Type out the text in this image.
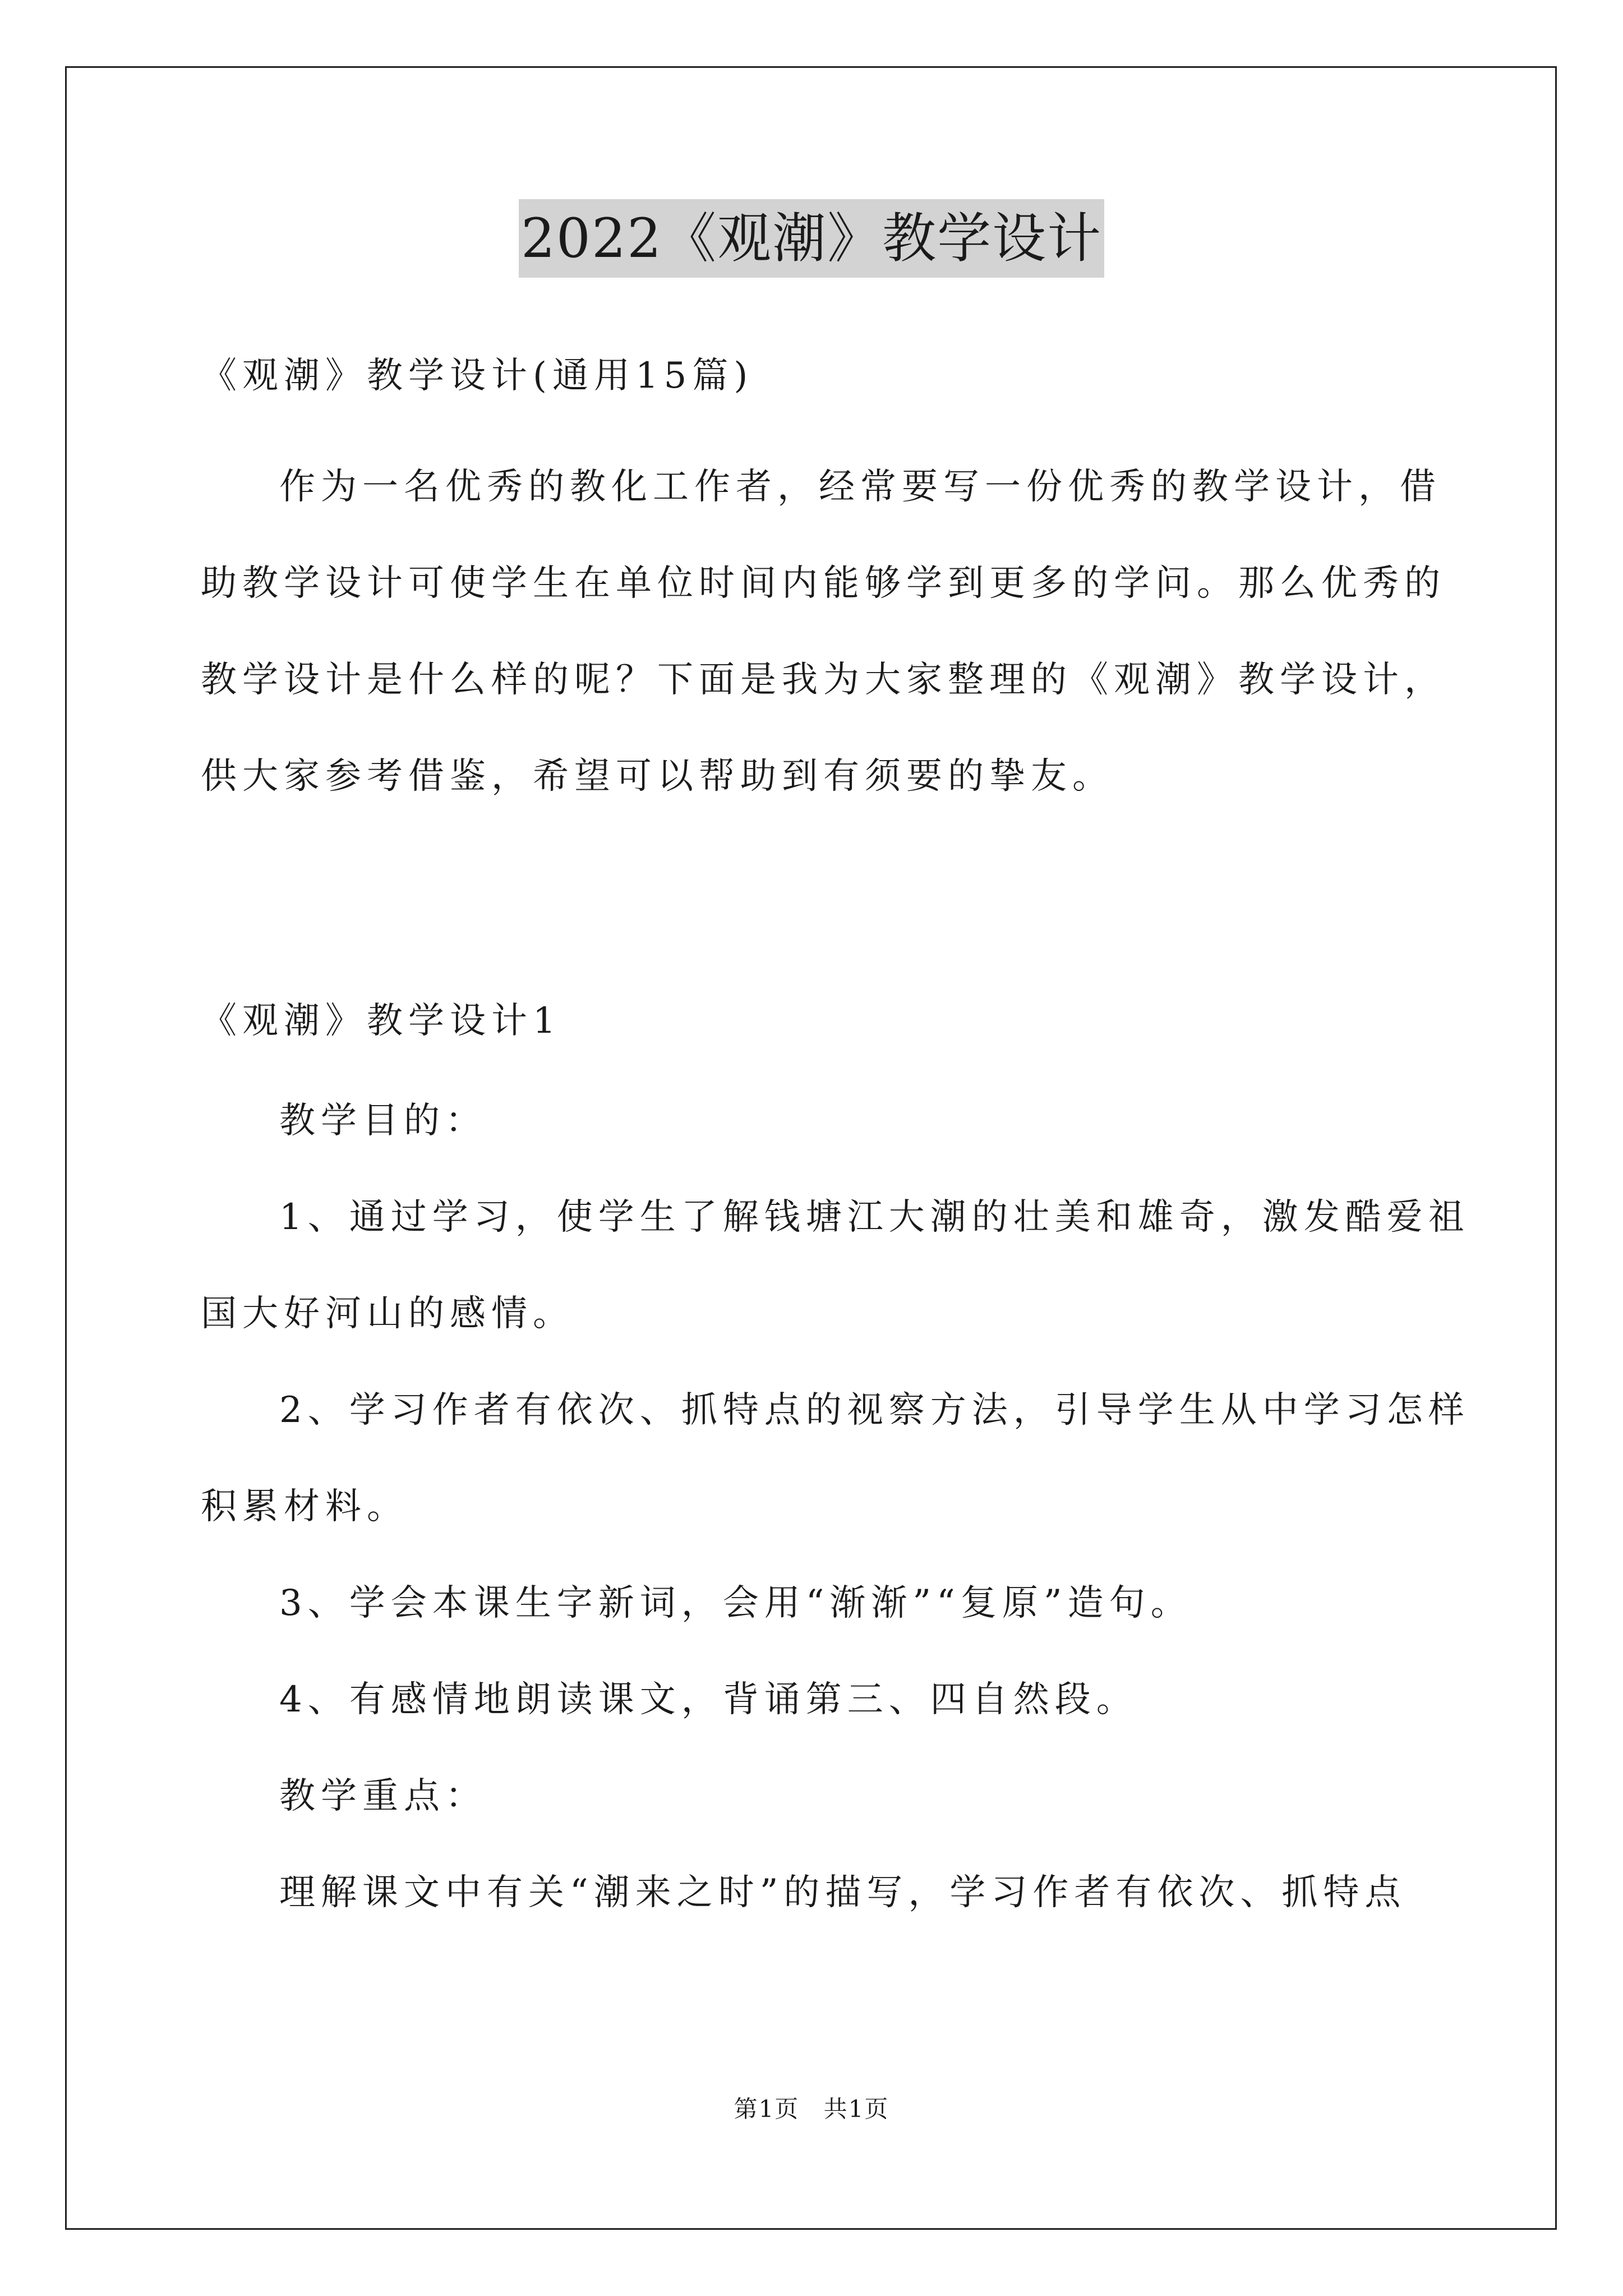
2022《观潮》教学设计
《观潮》教学设计(通用15篇)
作为一名优秀的教化工作者，经常要写一份优秀的教学设计，借
助教学设计可使学生在单位时间内能够学到更多的学问。那么优秀的
教学设计是什么样的呢？下面是我为大家整理的《观潮》教学设计，
供大家参考借鉴，希望可以帮助到有须要的挚友。
《观潮》教学设计1
教学目的：
1、通过学习，使学生了解钱塘江大潮的壮美和雄奇，激发酷爱祖
国大好河山的感情。
2、学习作者有依次、抓特点的视察方法，引导学生从中学习怎样
积累材料。
3、学会本课生字新词，会用“渐渐”“复原”造句。
4、有感情地朗读课文，背诵第三、四自然段。
教学重点：
理解课文中有关“潮来之时”的描写，学习作者有依次、抓特点
第1页 共1页
